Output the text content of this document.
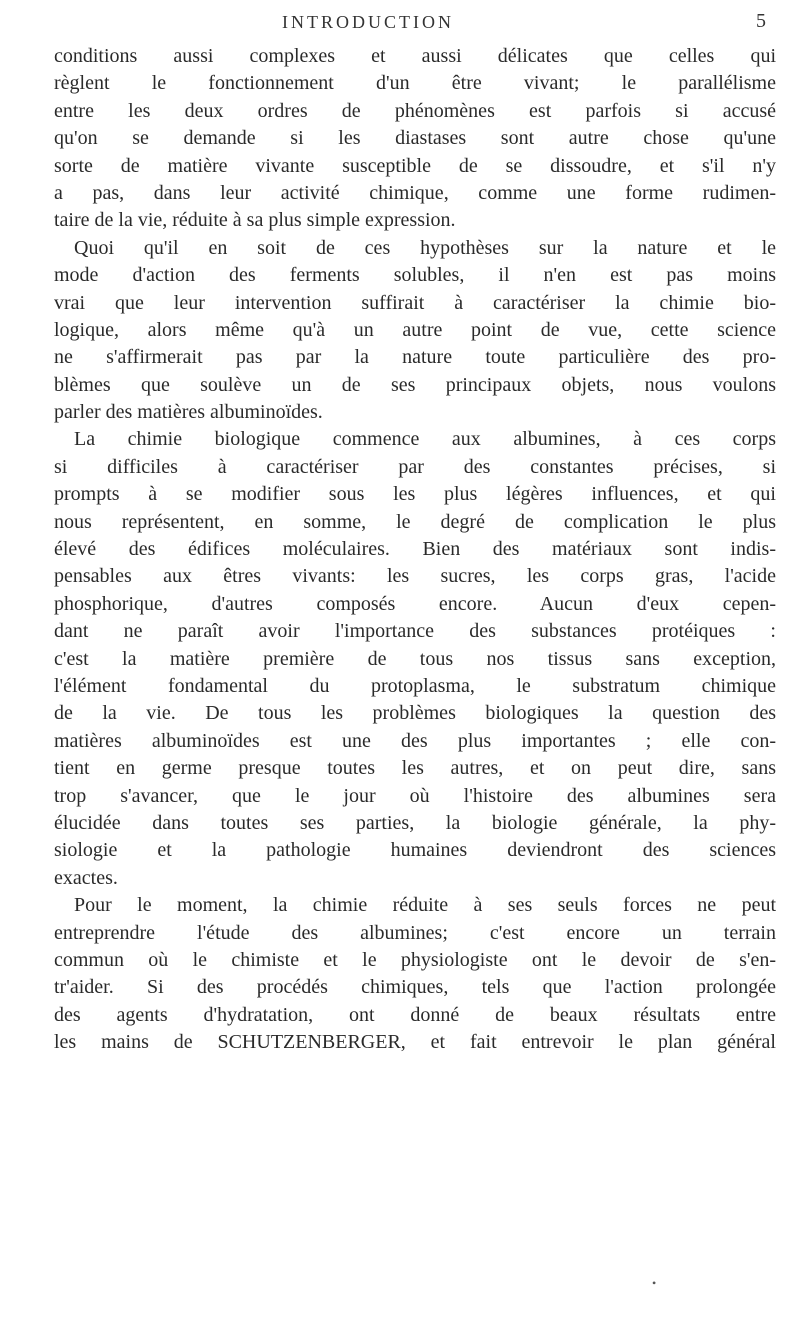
INTRODUCTION	5
conditions aussi complexes et aussi délicates que celles qui
règlent le fonctionnement d'un être vivant; le parallélisme
entre les deux ordres de phénomènes est parfois si accusé
qu'on se demande si les diastases sont autre chose qu'une
sorte de matière vivante susceptible de se dissoudre, et s'il n'y
a pas, dans leur activité chimique, comme une forme rudimen-
taire de la vie, réduite à sa plus simple expression.
Quoi qu'il en soit de ces hypothèses sur la nature et le
mode d'action des ferments solubles, il n'en est pas moins
vrai que leur intervention suffirait à caractériser la chimie bio-
logique, alors même qu'à un autre point de vue, cette science
ne s'affirmerait pas par la nature toute particulière des pro-
blèmes que soulève un de ses principaux objets, nous voulons
parler des matières albuminoïdes.
La chimie biologique commence aux albumines, à ces corps
si difficiles à caractériser par des constantes précises, si
prompts à se modifier sous les plus légères influences, et qui
nous représentent, en somme, le degré de complication le plus
élevé des édifices moléculaires. Bien des matériaux sont indis-
pensables aux êtres vivants: les sucres, les corps gras, l'acide
phosphorique, d'autres composés encore. Aucun d'eux cepen-
dant ne paraît avoir l'importance des substances protéiques :
c'est la matière première de tous nos tissus sans exception,
l'élément fondamental du protoplasma, le substratum chimique
de la vie. De tous les problèmes biologiques la question des
matières albuminoïdes est une des plus importantes ; elle con-
tient en germe presque toutes les autres, et on peut dire, sans
trop s'avancer, que le jour où l'histoire des albumines sera
élucidée dans toutes ses parties, la biologie générale, la phy-
siologie et la pathologie humaines deviendront des sciences
exactes.
Pour le moment, la chimie réduite à ses seuls forces ne peut
entreprendre l'étude des albumines; c'est encore un terrain
commun où le chimiste et le physiologiste ont le devoir de s'en-
tr'aider. Si des procédés chimiques, tels que l'action prolongée
des agents d'hydratation, ont donné de beaux résultats entre
les mains de SCHUTZENBERGER, et fait entrevoir le plan général
•
